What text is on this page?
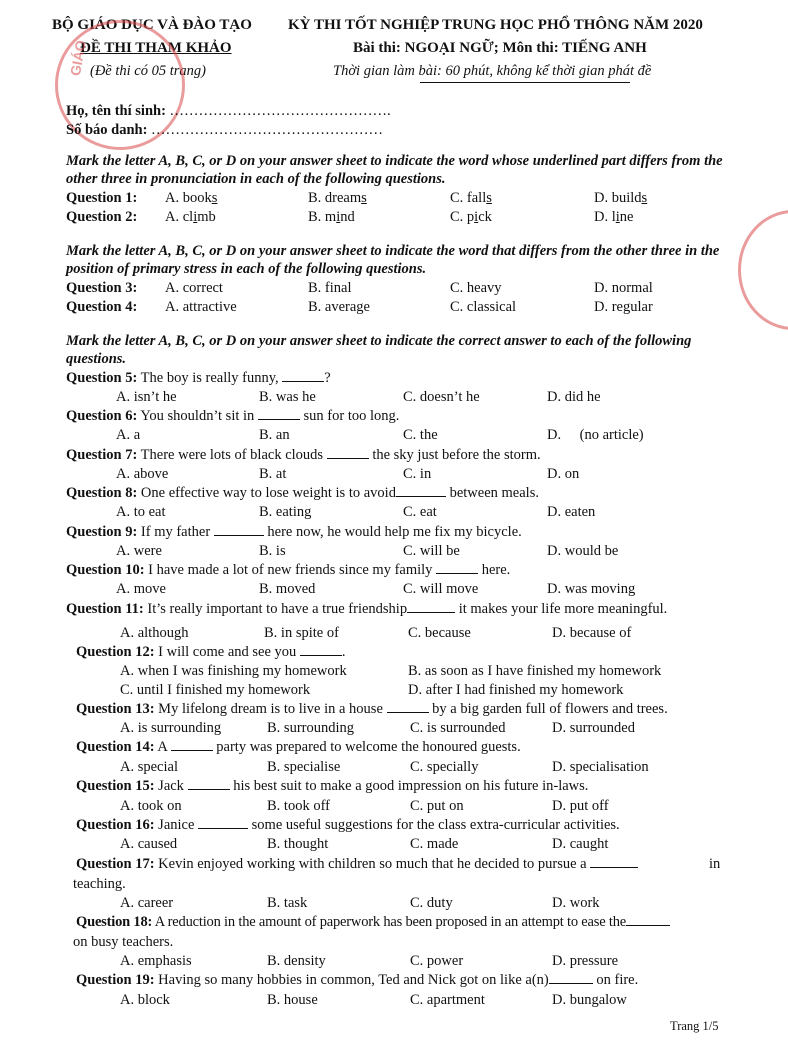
BỘ GIÁO DỤC VÀ ĐÀO TẠO KỲ THI TỐT NGHIỆP TRUNG HỌC PHỔ THÔNG NĂM 2020
ĐỀ THI THAM KHẢO	Bài thi: NGOẠI NGỮ; Môn thi: TIẾNG ANH
(Đề thi có 05 trang)	Thời gian làm bài: 60 phút, không kể thời gian phát đề
GIÁO
Họ, tên thí sinh: ……………………………………….
Số báo danh: …………………………………………
Mark the letter A, B, C, or D on your answer sheet to indicate the word whose underlined part differs from the other three in pronunciation in each of the following questions.
Question 1: A. books	B. dreams	C. falls	D. builds
Question 2: A. climb	B. mind	C. pick	D. line
Mark the letter A, B, C, or D on your answer sheet to indicate the word that differs from the other three in the position of primary stress in each of the following questions.
Question 3: A. correct	B. final	C. heavy	D. normal
Question 4: A. attractive	B. average	C. classical	D. regular
Mark the letter A, B, C, or D on your answer sheet to indicate the correct answer to each of the following questions.
Question 5: The boy is really funny,	?
A. isn’t he	B. was he	C. doesn’t he	D. did he
Question 6: You shouldn’t sit in	sun for too long.
A. a	B. an	C. the	D. ⃠ (no article)
Question 7: There were lots of black clouds	the sky just before the storm.
A. above	B. at	C. in	D. on
Question 8: One effective way to lose weight is to avoid	between meals.
A. to eat	B. eating	C. eat	D. eaten
Question 9: If my father	here now, he would help me fix my bicycle.
A. were	B. is	C. will be	D. would be
Question 10: I have made a lot of new friends since my family	here.
A. move	B. moved	C. will move	D. was moving
Question 11: It’s really important to have a true friendship	it makes your life more meaningful.
A. although	B. in spite of	C. because	D. because of
Question 12: I will come and see you	.
A. when I was finishing my homework	B. as soon as I have finished my homework
C. until I finished my homework	D. after I had finished my homework
Question 13: My lifelong dream is to live in a house	by a big garden full of flowers and trees.
A. is surrounding	B. surrounding	C. is surrounded	D. surrounded
Question 14: A	party was prepared to welcome the honoured guests.
A. special	B. specialise	C. specially	D. specialisation
Question 15: Jack	his best suit to make a good impression on his future in-laws.
A. took on	B. took off	C. put on	D. put off
Question 16: Janice	some useful suggestions for the class extra-curricular activities.
A. caused	B. thought	C. made	D. caught
Question 17: Kevin enjoyed working with children so much that he decided to pursue a	in
teaching.
A. career	B. task	C. duty	D. work
Question 18: A reduction in the amount of paperwork has been proposed in an attempt to ease the
on busy teachers.
A. emphasis	B. density	C. power	D. pressure
Question 19: Having so many hobbies in common, Ted and Nick got on like a(n)	on fire.
A. block	B. house	C. apartment	D. bungalow
Trang 1/5
